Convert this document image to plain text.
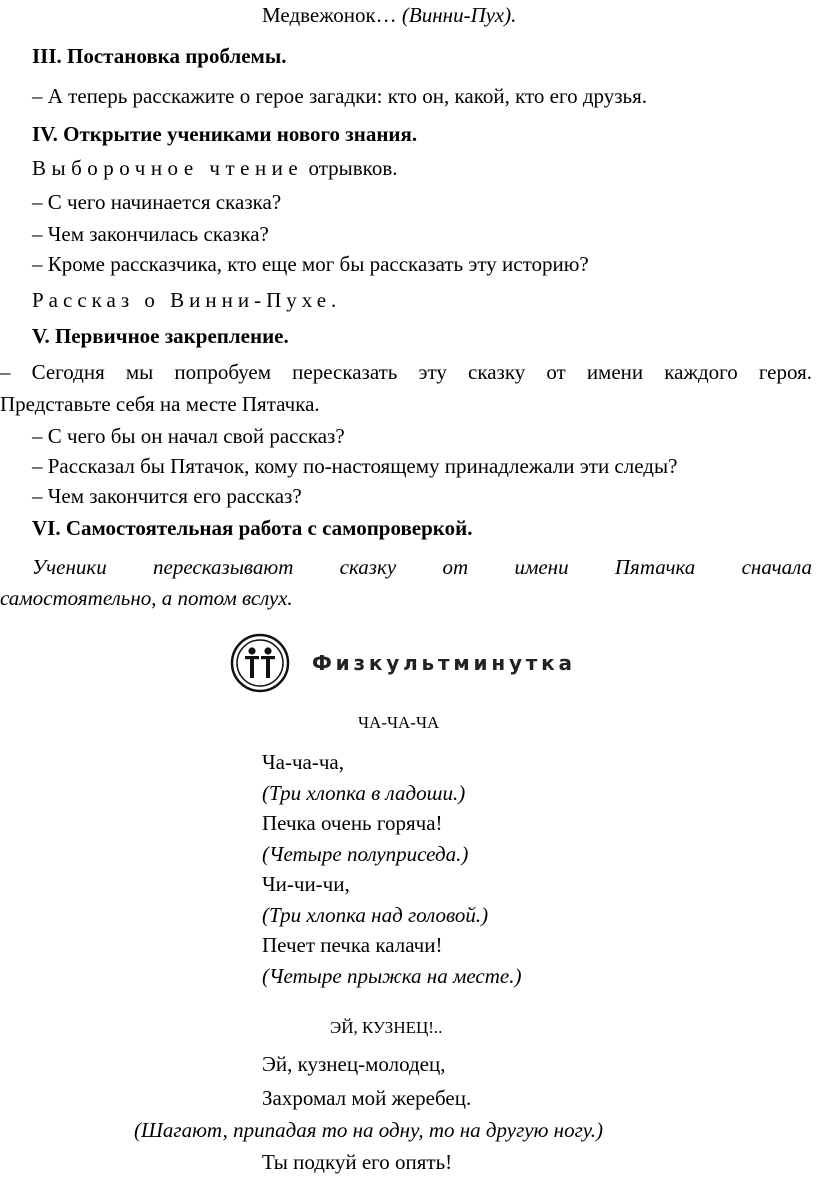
Медвежонок… (Винни-Пух).
III. Постановка проблемы.
– А теперь расскажите о герое загадки: кто он, какой, кто его друзья.
IV. Открытие учениками нового знания.
Выборочное чтение отрывков.
– С чего начинается сказка?
– Чем закончилась сказка?
– Кроме рассказчика, кто еще мог бы рассказать эту историю?
Рассказ о Винни-Пухе.
V. Первичное закрепление.
– Сегодня мы попробуем пересказать эту сказку от имени каждого героя.
Представьте себя на месте Пятачка.
– С чего бы он начал свой рассказ?
– Рассказал бы Пятачок, кому по-настоящему принадлежали эти следы?
– Чем закончится его рассказ?
VI. Самостоятельная работа с самопроверкой.
Ученики пересказывают сказку от имени Пятачка сначала
самостоятельно, а потом вслух.
Физкультминутка
ЧА-ЧА-ЧА
Ча-ча-ча,
(Три хлопка в ладоши.)
Печка очень горяча!
(Четыре полуприседа.)
Чи-чи-чи,
(Три хлопка над головой.)
Печет печка калачи!
(Четыре прыжка на месте.)
ЭЙ, КУЗНЕЦ!..
Эй, кузнец-молодец,
Захромал мой жеребец.
(Шагают, припадая то на одну, то на другую ногу.)
Ты подкуй его опять!
